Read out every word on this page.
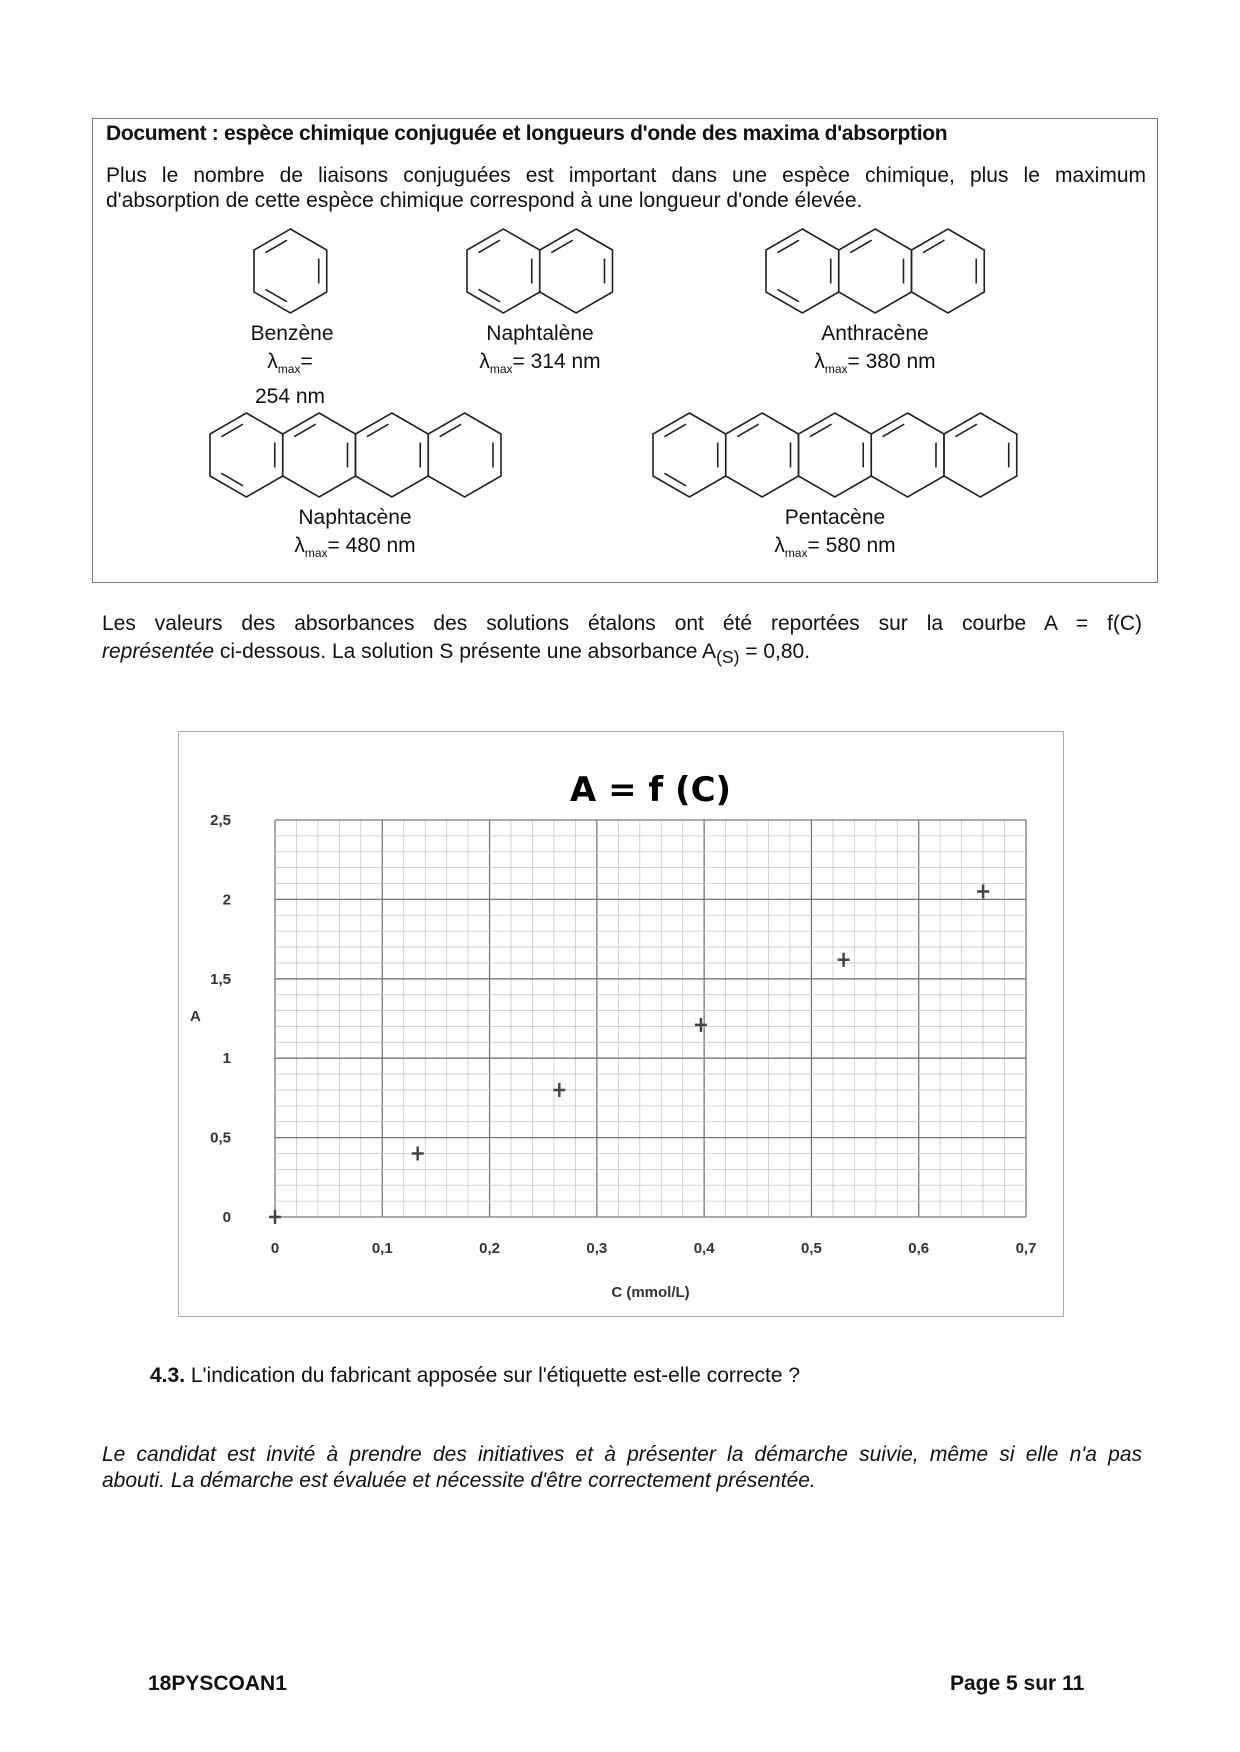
Document : espèce chimique conjuguée et longueurs d'onde des maxima d'absorption
Plus le nombre de liaisons conjuguées est important dans une espèce chimique, plus le maximum
d'absorption de cette espèce chimique correspond à une longueur d'onde élevée.
Benzène
$\lambda_{max}= 254$ nm
Naphtalène
$\lambda_{max}= 314$ nm
Anthracène
$\lambda_{max}= 380$ nm
Naphtacène
$\lambda_{max}= 480$ nm
Pentacène
$\lambda_{max}= 580$ nm
Les valeurs des absorbances des solutions étalons ont été reportées sur la courbe A = f(C)
représentée ci-dessous. La solution S présente une absorbance $A_{(S)} = 0,80$.
A = f (C)
0	0,1	0,2	0,3	0,4	0,5	0,6	0,7
0
0,5
1
1,5
2
2,5
C (mmol/L)
A
4.3. L'indication du fabricant apposée sur l'étiquette est-elle correcte ?
Le candidat est invité à prendre des initiatives et à présenter la démarche suivie, même si elle n'a pas
abouti. La démarche est évaluée et nécessite d'être correctement présentée.
18PYSCOAN1	Page 5 sur 11
